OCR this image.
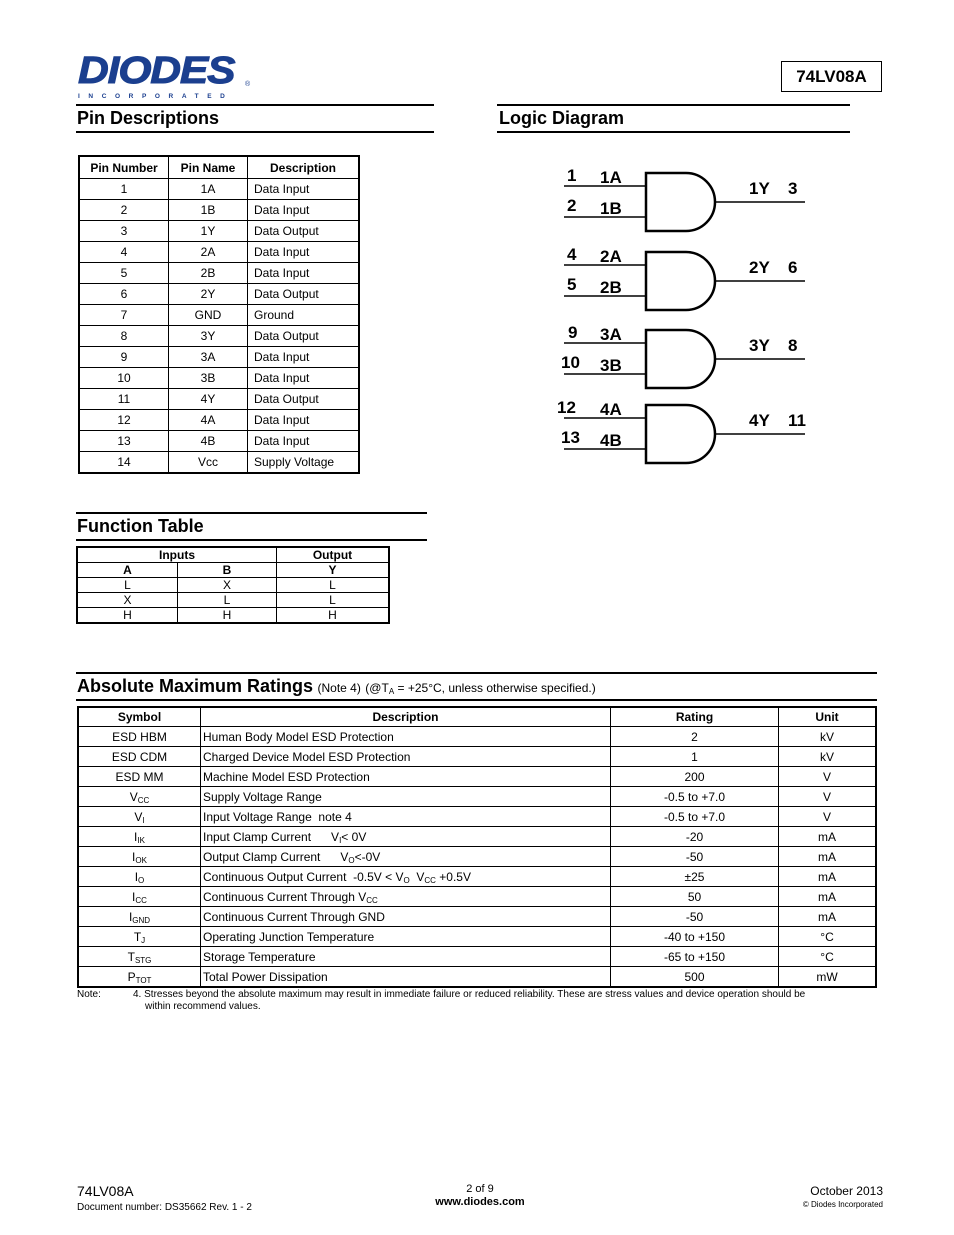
DIODES
INCORPORATED
®	74LV08A
Pin Descriptions
Pin Number	Pin Name	Description
1	1A	Data Input
2	1B	Data Input
3	1Y	Data Output
4	2A	Data Input
5	2B	Data Input
6	2Y	Data Output
7	GND	Ground
8	3Y	Data Output
9	3A	Data Input
10	3B	Data Input
11	4Y	Data Output
12	4A	Data Input
13	4B	Data Input
14	Vcc	Supply Voltage
Logic Diagram
1 1A
2 1B
1Y 3
4 2A
5 2B
2Y 6
9 3A
10 3B
3Y 8
12 4A
13 4B
4Y 11
Function Table
Inputs		Output
A	B	Y
L	X	L
X	L	L
H	H	H
Absolute Maximum Ratings (Note 4) ($@T_A = +25^\circ C$, unless otherwise specified.)
Symbol	Description	Rating	Unit
ESD HBM	Human Body Model ESD Protection	2	kV
ESD CDM	Charged Device Model ESD Protection	1	kV
ESD MM	Machine Model ESD Protection	200	V
$V_{CC}$	Supply Voltage Range	-0.5 to +7.0	V
$V_I$	Input Voltage Range  note 4	-0.5 to +7.0	V
$I_{IK}$	Input Clamp Current      $V_I< 0V$	-20	mA
$I_{OK}$	Output Clamp Current      $V_O<-0V$	-50	mA
$I_O$	Continuous Output Current  $-0.5V < V_O$  $V_{CC} +0.5V$	±25	mA
$I_{CC}$	Continuous Current Through $V_{CC}$	50	mA
$I_{GND}$	Continuous Current Through GND	-50	mA
$T_J$	Operating Junction Temperature	-40 to +150	°C
$T_{STG}$	Storage Temperature	-65 to +150	°C
$P_{TOT}$	Total Power Dissipation	500	mW
Note:	4. Stresses beyond the absolute maximum may result in immediate failure or reduced reliability. These are stress values and device operation should be
within recommend values.
74LV08A
Document number: DS35662 Rev. 1 - 2
2 of 9
www.diodes.com
October 2013
© Diodes Incorporated
